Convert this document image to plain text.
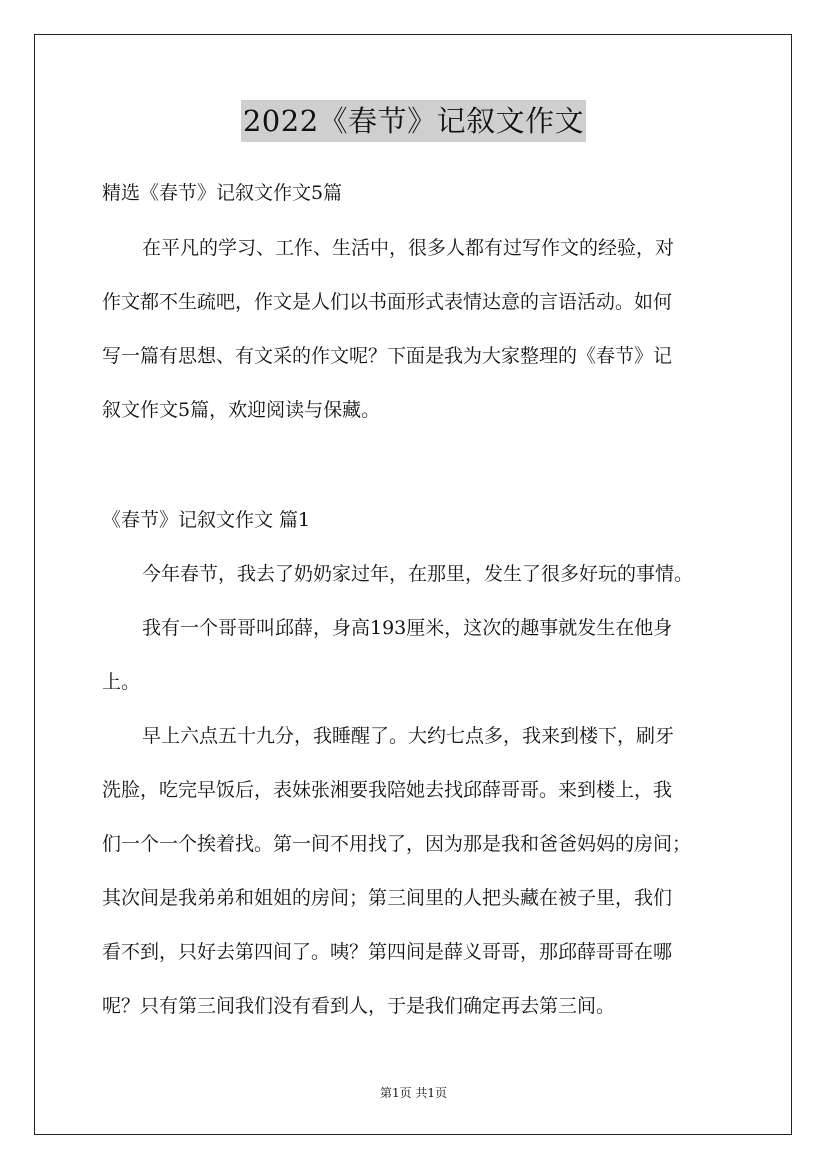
2022《春节》记叙文作文
精选《春节》记叙文作文5篇
在平凡的学习、工作、生活中，很多人都有过写作文的经验，对
作文都不生疏吧，作文是人们以书面形式表情达意的言语活动。如何
写一篇有思想、有文采的作文呢？下面是我为大家整理的《春节》记
叙文作文5篇，欢迎阅读与保藏。
《春节》记叙文作文 篇1
今年春节，我去了奶奶家过年，在那里，发生了很多好玩的事情。
我有一个哥哥叫邱薛，身高193厘米，这次的趣事就发生在他身
上。
早上六点五十九分，我睡醒了。大约七点多，我来到楼下，刷牙
洗脸，吃完早饭后，表妹张湘要我陪她去找邱薛哥哥。来到楼上，我
们一个一个挨着找。第一间不用找了，因为那是我和爸爸妈妈的房间；
其次间是我弟弟和姐姐的房间；第三间里的人把头藏在被子里，我们
看不到，只好去第四间了。咦？第四间是薛义哥哥，那邱薛哥哥在哪
呢？只有第三间我们没有看到人，于是我们确定再去第三间。
第1页 共1页
